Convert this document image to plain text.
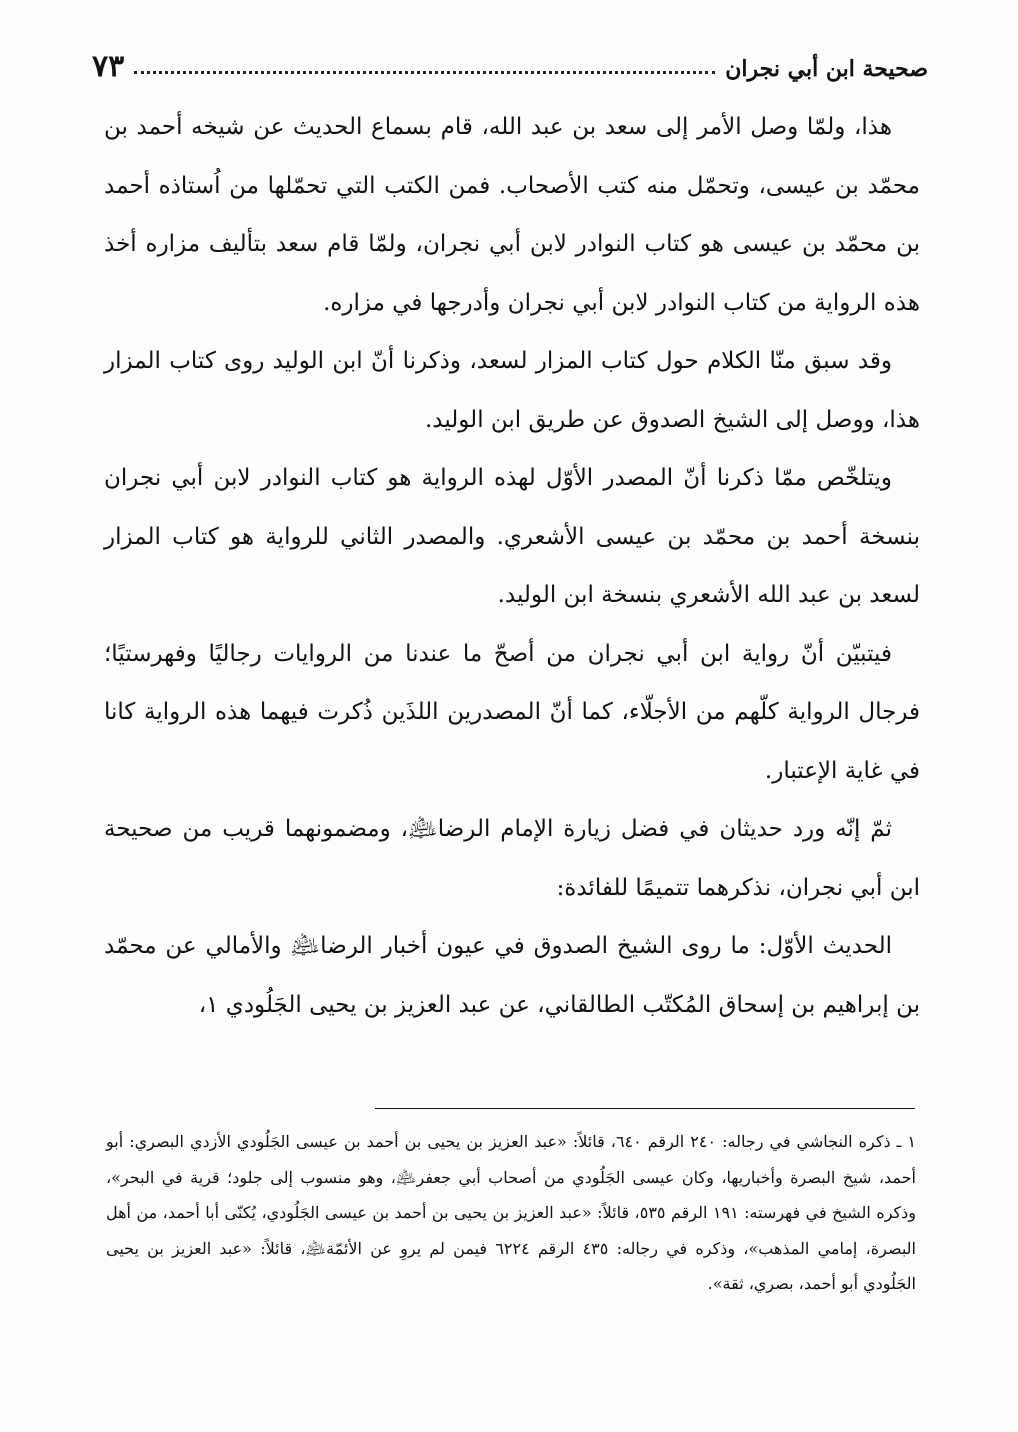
صحيحة ابن أبي نجران
٧٣

هذا، ولمّا وصل الأمر إلى سعد بن عبد الله، قام بسماع الحديث عن شيخه أحمد بن محمّد بن عيسى، وتحمّل منه كتب الأصحاب. فمن الكتب التي تحمّلها من اُستاذه أحمد بن محمّد بن عيسى هو كتاب النوادر لابن أبي نجران، ولمّا قام سعد بتأليف مزاره أخذ هذه الرواية من كتاب النوادر لابن أبي نجران وأدرجها في مزاره.

وقد سبق منّا الكلام حول كتاب المزار لسعد، وذكرنا أنّ ابن الوليد روى كتاب المزار هذا، ووصل إلى الشيخ الصدوق عن طريق ابن الوليد.

ويتلخّص ممّا ذكرنا أنّ المصدر الأوّل لهذه الرواية هو كتاب النوادر لابن أبي نجران بنسخة أحمد بن محمّد بن عيسى الأشعري. والمصدر الثاني للرواية هو كتاب المزار لسعد بن عبد الله الأشعري بنسخة ابن الوليد.

فيتبيّن أنّ رواية ابن أبي نجران من أصحّ ما عندنا من الروايات رجاليًا وفهرستيًا؛ فرجال الرواية كلّهم من الأجلّاء، كما أنّ المصدرين اللذَين ذُكرت فيهما هذه الرواية كانا في غاية الإعتبار.

ثمّ إنّه ورد حديثان في فضل زيارة الإمام الرضا﵇، ومضمونهما قريب من صحيحة ابن أبي نجران، نذكرهما تتميمًا للفائدة:

الحديث الأوّل: ما روى الشيخ الصدوق في عيون أخبار الرضا﵇ والأمالي عن محمّد بن إبراهيم بن إسحاق المُكتّب الطالقاني، عن عبد العزيز بن يحيى الجَلُودي ١،

١ ـ ذكره النجاشي في رجاله: ٢٤٠ الرقم ٦٤٠، قائلاً: «عبد العزيز بن يحيى بن أحمد بن عيسى الجَلُودي الأزدي البصري: أبو أحمد، شيخ البصرة وأخباريها، وكان عيسى الجَلُودي من أصحاب أبي جعفر﵇، وهو منسوب إلى جلود؛ قرية في البحر»، وذكره الشيخ في فهرسته: ١٩١ الرقم ٥٣٥، قائلاً: «عبد العزيز بن يحيى بن أحمد بن عيسى الجَلُودي، يُكنّى أبا أحمد، من أهل البصرة، إمامي المذهب»، وذكره في رجاله: ٤٣٥ الرقم ٦٢٢٤ فيمن لم يروِ عن الأئمّة﵇، قائلاً: «عبد العزيز بن يحيى الجَلُودي أبو أحمد، بصري، ثقة».
